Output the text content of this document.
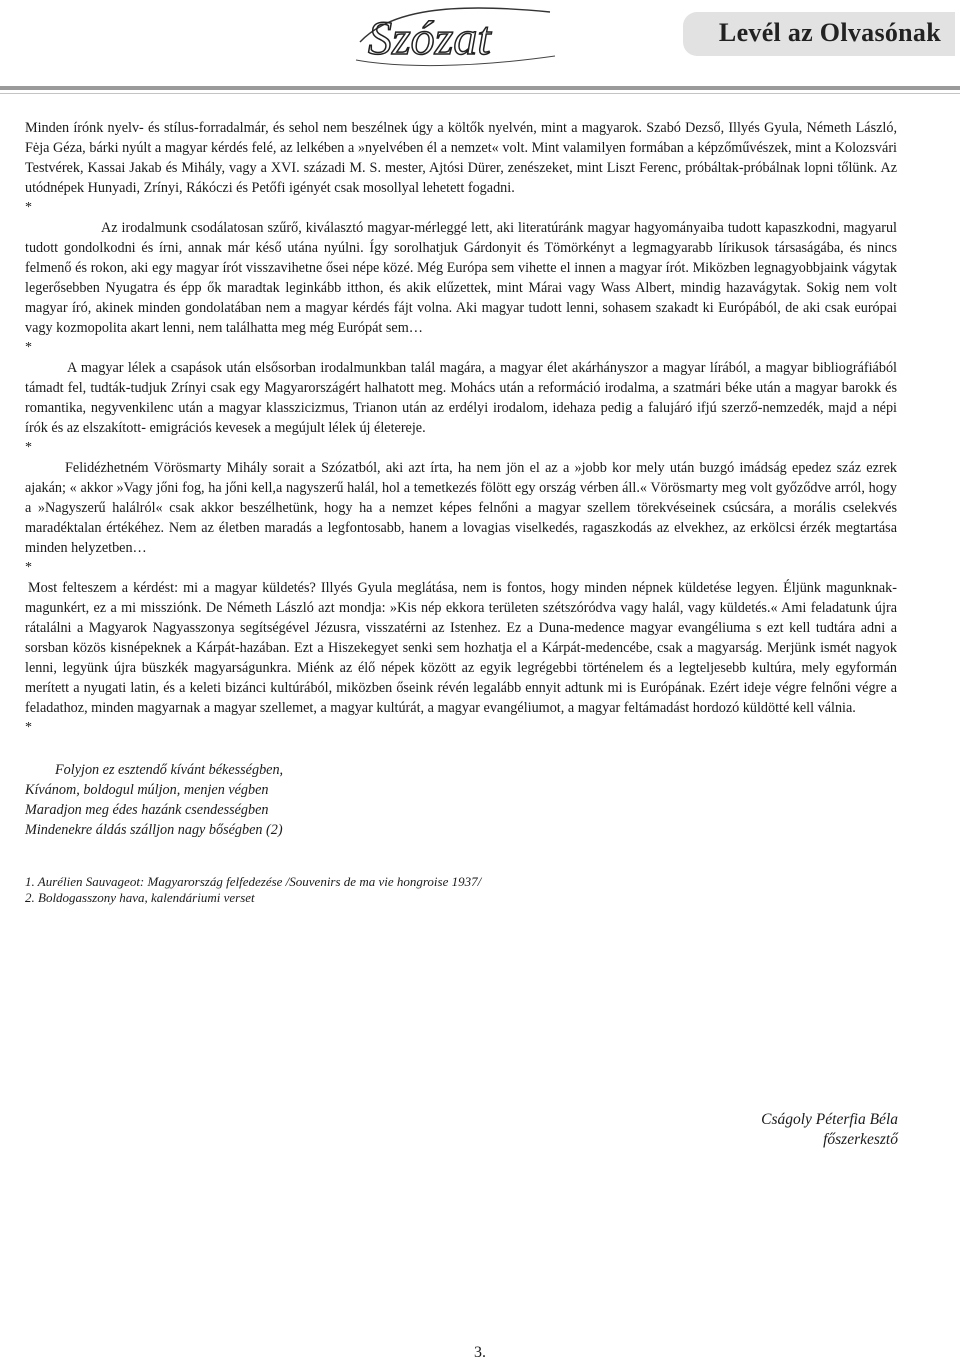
Szózat	Levél az Olvasónak

Minden írónk nyelv- és stílus-forradalmár, és sehol nem beszélnek úgy a költők nyelvén, mint a magyarok. Szabó Dezső, Illyés Gyula, Németh László, Fėja Géza, bárki nyúlt a magyar kérdés felé, az lelkében a »nyelvében él a nemzet« volt. Mint valamilyen formában a képzőművészek, mint a Kolozsvári Testvérek, Kassai Jakab és Mihály, vagy a XVI. századi M. S. mester, Ajtósi Dürer, zenészeket, mint Liszt Ferenc, próbáltak-próbálnak lopni tőlünk. Az utódnépek Hunyadi, Zrínyi, Rákóczi és Petőfi igényét csak mosollyal lehetett fogadni.

*

Az irodalmunk csodálatosan szűrő, kiválasztó magyar-mérleggé lett, aki literatúránk magyar hagyományaiba tudott kapaszkodni, magyarul tudott gondolkodni és írni, annak már késő utána nyúlni. Így sorolhatjuk Gárdonyit és Tömörkényt a legmagyarabb lírikusok társaságába, és nincs felmenő és rokon, aki egy magyar írót visszavihetne ősei népe közé. Még Európa sem vihette el innen a magyar írót. Miközben legnagyobbjaink vágytak legerősebben Nyugatra és épp ők maradtak leginkább itthon, és akik elűzettek, mint Márai vagy Wass Albert, mindig hazavágytak. Sokig nem volt magyar író, akinek minden gondolatában nem a magyar kérdés fájt volna. Aki magyar tudott lenni, sohasem szakadt ki Európából, de aki csak európai vagy kozmopolita akart lenni, nem találhatta meg még Európát sem…

*

A magyar lélek a csapások után elsősorban irodalmunkban talál magára, a magyar élet akárhányszor a magyar lírából, a magyar bibliográfiából támadt fel, tudták-tudjuk Zrínyi csak egy Magyarországért halhatott meg. Mohács után a reformáció irodalma, a szatmári béke után a magyar barokk és romantika, negyvenkilenc után a magyar klasszicizmus, Trianon után az erdélyi irodalom, idehaza pedig a falujáró ifjú szerző-nemzedék, majd a népi írók és az elszakított- emigrációs kevesek a megújult lélek új életereje.

*

Felidézhetném Vörösmarty Mihály sorait a Szózatból, aki azt írta, ha nem jön el az a »jobb kor mely után buzgó imádság epedez száz ezrek ajakán; « akkor »Vagy jőni fog, ha jőni kell,a nagyszerű halál, hol a temetkezés fölött egy ország vérben áll.« Vörösmarty meg volt győződve arról, hogy a »Nagyszerű halálról« csak akkor beszélhetünk, hogy ha a nemzet képes felnőni a magyar szellem törekvéseinek csúcsára, a morális cselekvés maradéktalan értékéhez. Nem az életben maradás a legfontosabb, hanem a lovagias viselkedés, ragaszkodás az elvekhez, az erkölcsi érzék megtartása minden helyzetben…

*

Most felteszem a kérdést: mi a magyar küldetés? Illyés Gyula meglátása, nem is fontos, hogy minden népnek küldetése legyen. Éljünk magunknak- magunkért, ez a mi missziónk. De Németh László azt mondja: »Kis nép ekkora területen szétszóródva vagy halál, vagy küldetés.« Ami feladatunk újra rátalálni a Magyarok Nagyasszonya segítségével Jézusra, visszatérni az Istenhez. Ez a Duna-medence magyar evangéliuma s ezt kell tudtára adni a sorsban közös kisnépeknek a Kárpát-hazában. Ezt a Hiszekegyet senki sem hozhatja el a Kárpát-medencébe, csak a magyarság. Merjünk ismét nagyok lenni, legyünk újra büszkék magyarságunkra. Miénk az élő népek között az egyik legrégebbi történelem és a legteljesebb kultúra, mely egyformán merített a nyugati latin, és a keleti bizánci kultúrából, miközben őseink révén legalább ennyit adtunk mi is Európának. Ezért ideje végre felnőni végre a feladathoz, minden magyarnak a magyar szellemet, a magyar kultúrát, a magyar evangéliumot, a magyar feltámadást hordozó küldötté kell válnia.

*

Folyjon ez esztendő kívánt békességben,
Kívánom, boldogul múljon, menjen végben
Maradjon meg édes hazánk csendességben
Mindenekre áldás szálljon nagy bőségben (2)
1. Aurélien Sauvageot: Magyarország felfedezése /Souvenirs de ma vie hongroise 1937/
2. Boldogasszony hava, kalendáriumi verset
Cságoly Péterfia Béla
főszerkesztő
3.
